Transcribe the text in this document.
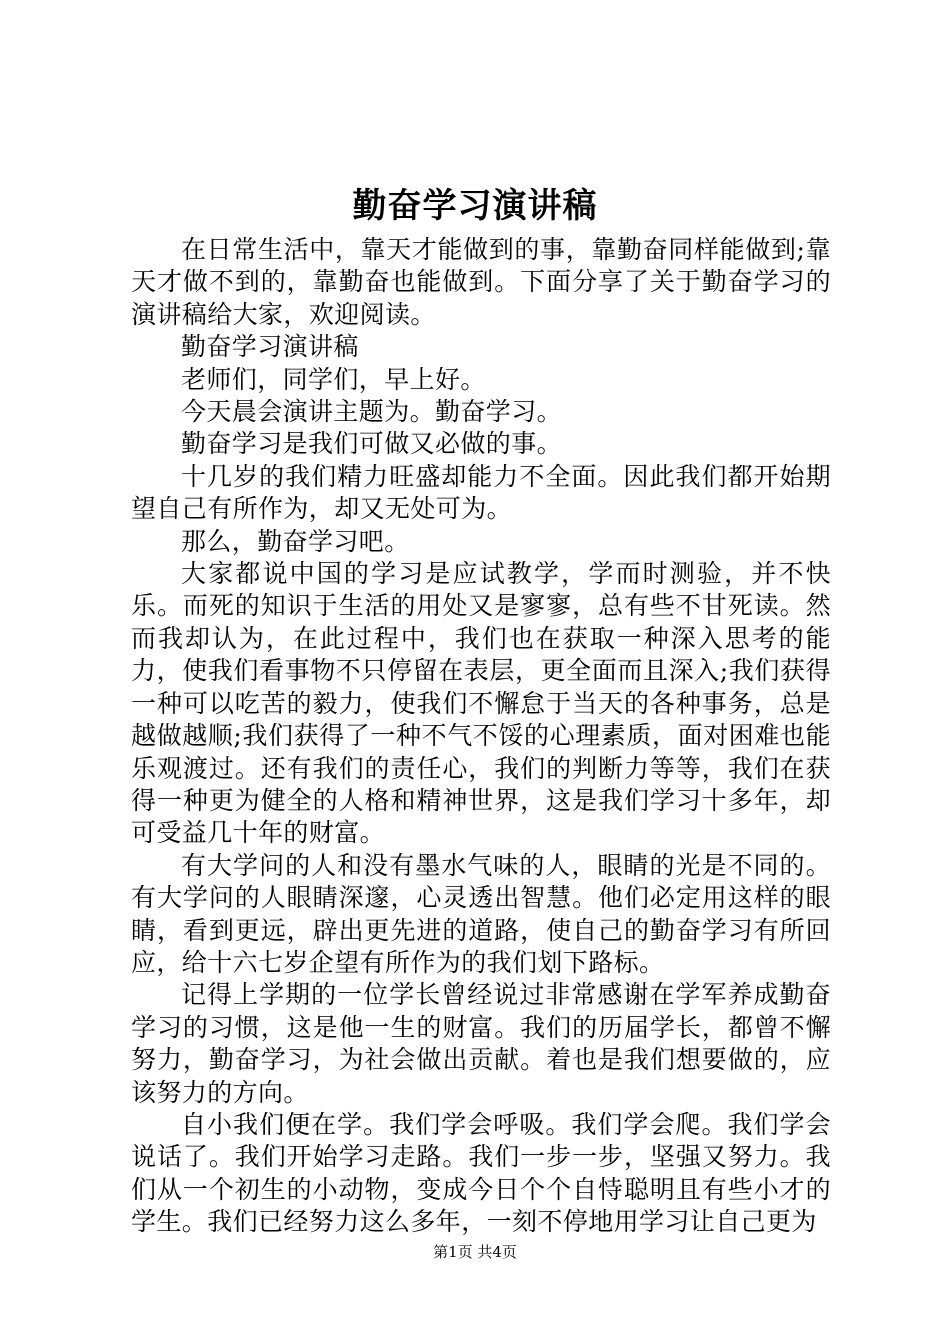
勤奋学习演讲稿

在日常生活中，靠天才能做到的事，靠勤奋同样能做到;靠天才做不到的，靠勤奋也能做到。下面分享了关于勤奋学习的演讲稿给大家，欢迎阅读。

勤奋学习演讲稿

老师们，同学们，早上好。

今天晨会演讲主题为。勤奋学习。

勤奋学习是我们可做又必做的事。

十几岁的我们精力旺盛却能力不全面。因此我们都开始期望自己有所作为，却又无处可为。

那么，勤奋学习吧。

大家都说中国的学习是应试教学，学而时测验，并不快乐。而死的知识于生活的用处又是寥寥，总有些不甘死读。然而我却认为，在此过程中，我们也在获取一种深入思考的能力，使我们看事物不只停留在表层，更全面而且深入;我们获得一种可以吃苦的毅力，使我们不懈怠于当天的各种事务，总是越做越顺;我们获得了一种不气不馁的心理素质，面对困难也能乐观渡过。还有我们的责任心，我们的判断力等等，我们在获得一种更为健全的人格和精神世界，这是我们学习十多年，却可受益几十年的财富。

有大学问的人和没有墨水气味的人，眼睛的光是不同的。有大学问的人眼睛深邃，心灵透出智慧。他们必定用这样的眼睛，看到更远，辟出更先进的道路，使自己的勤奋学习有所回应，给十六七岁企望有所作为的我们划下路标。

记得上学期的一位学长曾经说过非常感谢在学军养成勤奋学习的习惯，这是他一生的财富。我们的历届学长，都曾不懈努力，勤奋学习，为社会做出贡献。着也是我们想要做的，应该努力的方向。

自小我们便在学。我们学会呼吸。我们学会爬。我们学会说话了。我们开始学习走路。我们一步一步，坚强又努力。我们从一个初生的小动物，变成今日个个自恃聪明且有些小才的学生。我们已经努力这么多年，一刻不停地用学习让自己更为

第1页 共4页
